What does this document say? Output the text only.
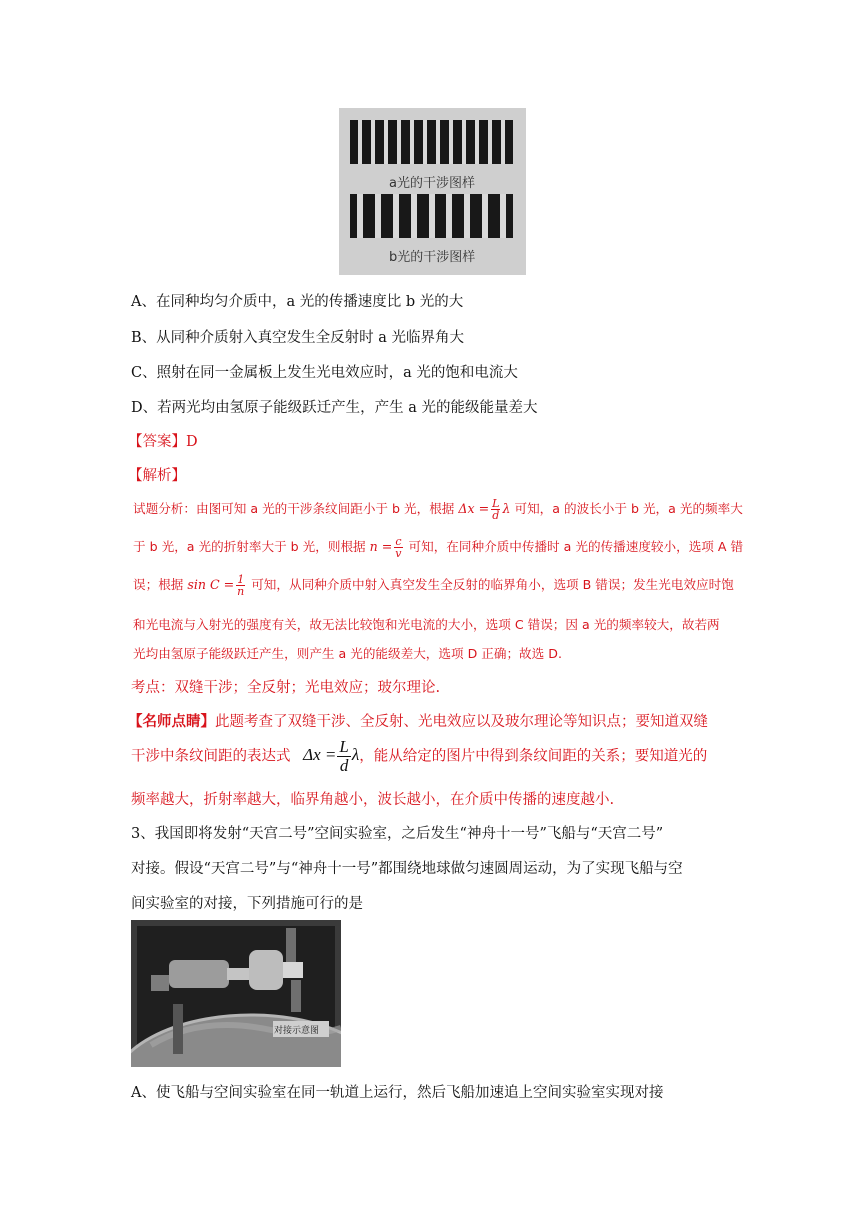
a光的干涉图样
b光的干涉图样
A、在同种均匀介质中，a 光的传播速度比 b 光的大
B、从同种介质射入真空发生全反射时 a 光临界角大
C、照射在同一金属板上发生光电效应时，a 光的饱和电流大
D、若两光均由氢原子能级跃迁产生，产生 a 光的能级能量差大
【答案】D
【解析】
试题分析：由图可知 a 光的干涉条纹间距小于 b 光，根据 $\Delta x = \frac{L}{d}$ λ 可知，a 的波长小于 b 光，a 光的频率大
于 b 光，a 光的折射率大于 b 光，则根据 $n = \frac{c}{v}$ 可知，在同种介质中传播时 a 光的传播速度较小，选项 A 错
误；根据 $\sin C = \frac{1}{n}$ 可知，从同种介质中射入真空发生全反射的临界角小，选项 B 错误；发生光电效应时饱
和光电流与入射光的强度有关，故无法比较饱和光电流的大小，选项 C 错误；因 a 光的频率较大，故若两
光均由氢原子能级跃迁产生，则产生 a 光的能级差大，选项 D 正确；故选 D.
考点：双缝干涉；全反射；光电效应；玻尔理论.
【名师点睛】此题考查了双缝干涉、全反射、光电效应以及玻尔理论等知识点；要知道双缝
干涉中条纹间距的表达式 $\Delta x = \frac{L}{d}$ λ，能从给定的图片中得到条纹间距的关系；要知道光的
频率越大，折射率越大，临界角越小，波长越小，在介质中传播的速度越小.
3、我国即将发射“天宫二号”空间实验室，之后发生“神舟十一号”飞船与“天宫二号”
对接。假设“天宫二号”与“神舟十一号”都围绕地球做匀速圆周运动，为了实现飞船与空
间实验室的对接，下列措施可行的是
对接示意图
A、使飞船与空间实验室在同一轨道上运行，然后飞船加速追上空间实验室实现对接
